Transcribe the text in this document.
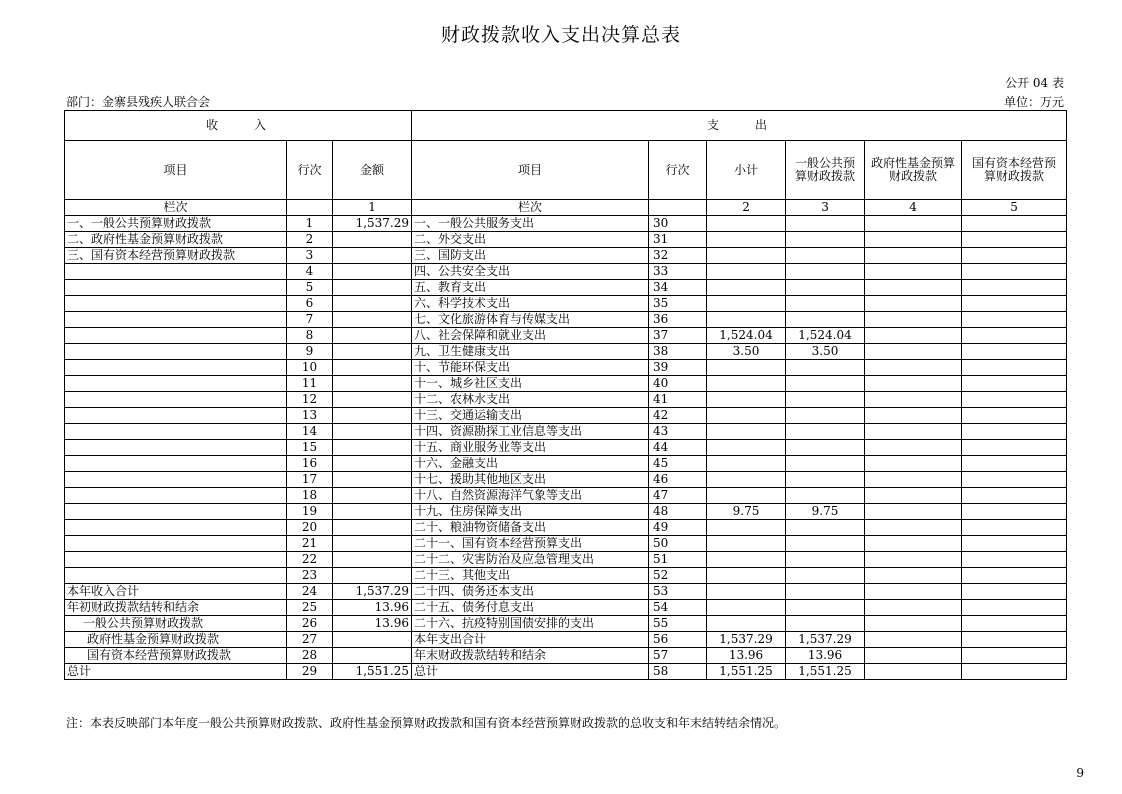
财政拨款收入支出决算总表
公开 04 表
部门：金寨县残疾人联合会	单位：万元
收　　入			支　　出					
项目	行次	金额	项目	行次	小计	一般公共预算财政拨款	政府性基金预算财政拨款	国有资本经营预算财政拨款
栏次		1	栏次		2	3	4	5
一、一般公共预算财政拨款	1	1,537.29	一、一般公共服务支出	30				
二、政府性基金预算财政拨款	2		二、外交支出	31				
三、国有资本经营预算财政拨款	3		三、国防支出	32				
	4		四、公共安全支出	33				
	5		五、教育支出	34				
	6		六、科学技术支出	35				
	7		七、文化旅游体育与传媒支出	36				
	8		八、社会保障和就业支出	37	1,524.04	1,524.04		
	9		九、卫生健康支出	38	3.50	3.50		
	10		十、节能环保支出	39				
	11		十一、城乡社区支出	40				
	12		十二、农林水支出	41				
	13		十三、交通运输支出	42				
	14		十四、资源勘探工业信息等支出	43				
	15		十五、商业服务业等支出	44				
	16		十六、金融支出	45				
	17		十七、援助其他地区支出	46				
	18		十八、自然资源海洋气象等支出	47				
	19		十九、住房保障支出	48	9.75	9.75		
	20		二十、粮油物资储备支出	49				
	21		二十一、国有资本经营预算支出	50				
	22		二十二、灾害防治及应急管理支出	51				
	23		二十三、其他支出	52				
本年收入合计	24	1,537.29	二十四、债务还本支出	53				
年初财政拨款结转和结余	25	13.96	二十五、债务付息支出	54				
一般公共预算财政拨款	26	13.96	二十六、抗疫特别国债安排的支出	55				
政府性基金预算财政拨款	27		本年支出合计	56	1,537.29	1,537.29		
国有资本经营预算财政拨款	28		年末财政拨款结转和结余	57	13.96	13.96		
总计	29	1,551.25	总计	58	1,551.25	1,551.25		
注：本表反映部门本年度一般公共预算财政拨款、政府性基金预算财政拨款和国有资本经营预算财政拨款的总收支和年末结转结余情况。
9
